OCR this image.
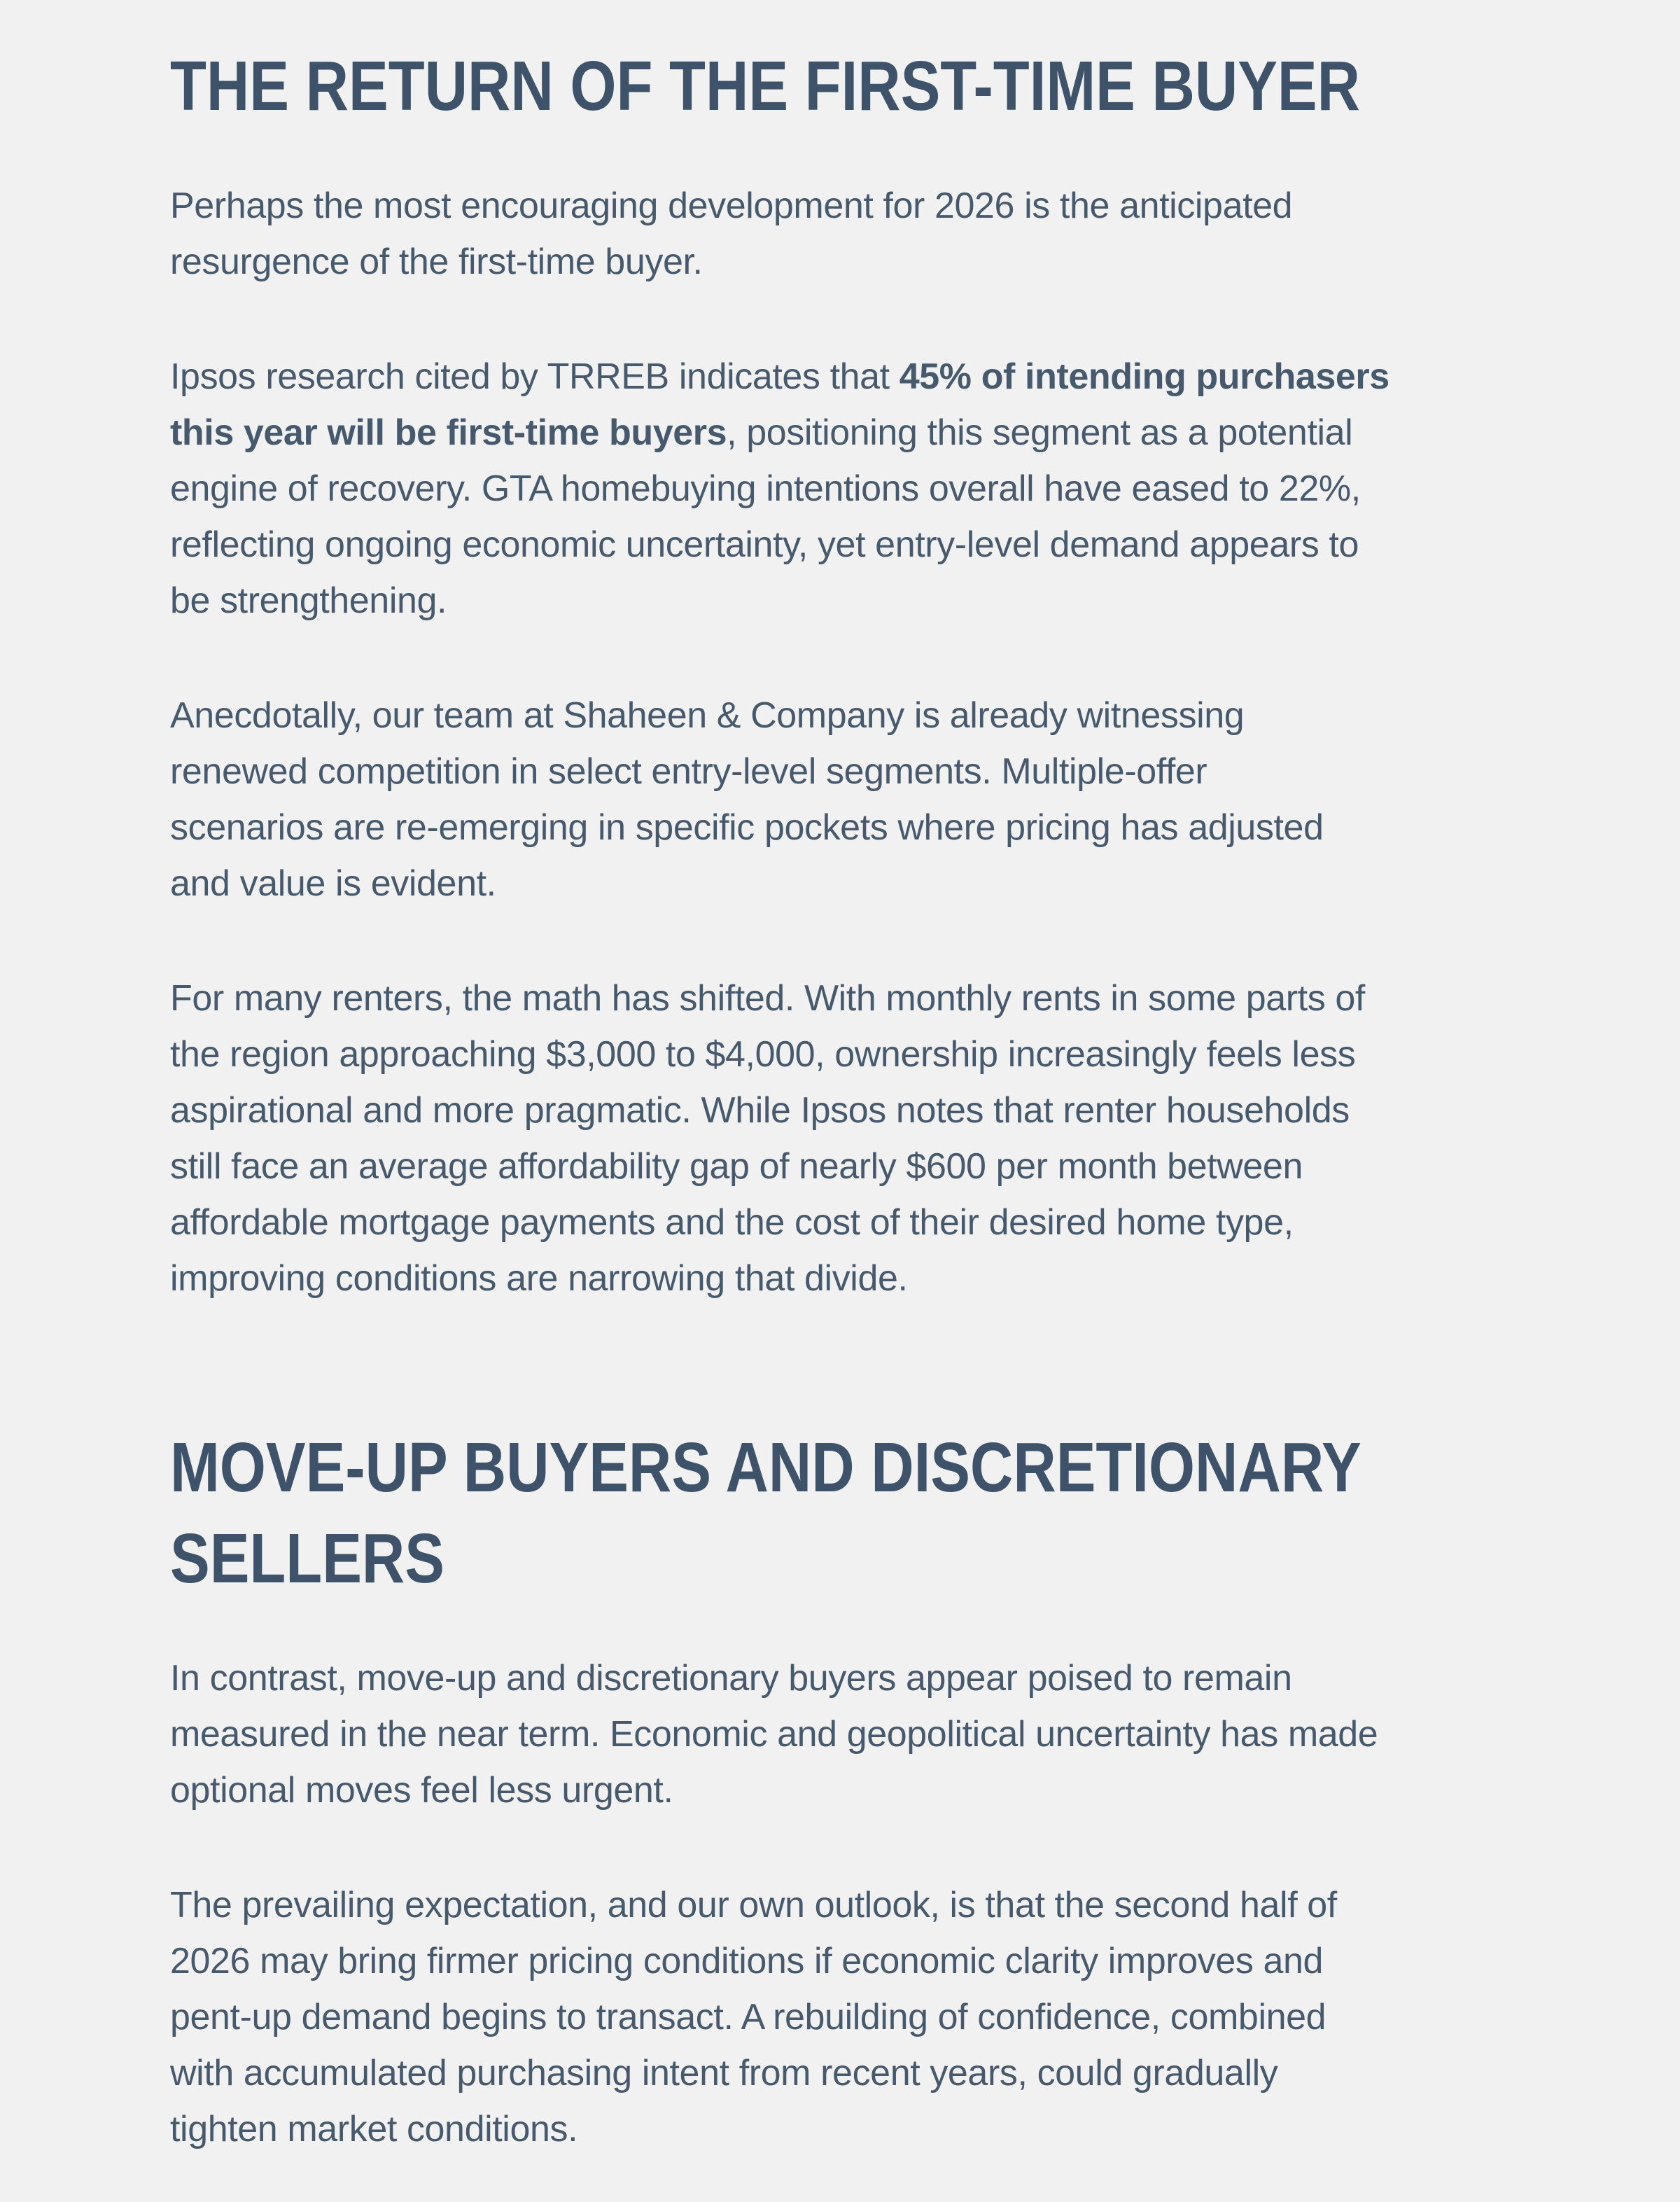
THE RETURN OF THE FIRST-TIME BUYER

Perhaps the most encouraging development for 2026 is the anticipated
resurgence of the first-time buyer.

Ipsos research cited by TRREB indicates that 45% of intending purchasers
this year will be first-time buyers, positioning this segment as a potential
engine of recovery. GTA homebuying intentions overall have eased to 22%,
reflecting ongoing economic uncertainty, yet entry-level demand appears to
be strengthening.

Anecdotally, our team at Shaheen & Company is already witnessing
renewed competition in select entry-level segments. Multiple-offer
scenarios are re-emerging in specific pockets where pricing has adjusted
and value is evident.

For many renters, the math has shifted. With monthly rents in some parts of
the region approaching $3,000 to $4,000, ownership increasingly feels less
aspirational and more pragmatic. While Ipsos notes that renter households
still face an average affordability gap of nearly $600 per month between
affordable mortgage payments and the cost of their desired home type,
improving conditions are narrowing that divide.

MOVE-UP BUYERS AND DISCRETIONARY
SELLERS

In contrast, move-up and discretionary buyers appear poised to remain
measured in the near term. Economic and geopolitical uncertainty has made
optional moves feel less urgent.

The prevailing expectation, and our own outlook, is that the second half of
2026 may bring firmer pricing conditions if economic clarity improves and
pent-up demand begins to transact. A rebuilding of confidence, combined
with accumulated purchasing intent from recent years, could gradually
tighten market conditions.
